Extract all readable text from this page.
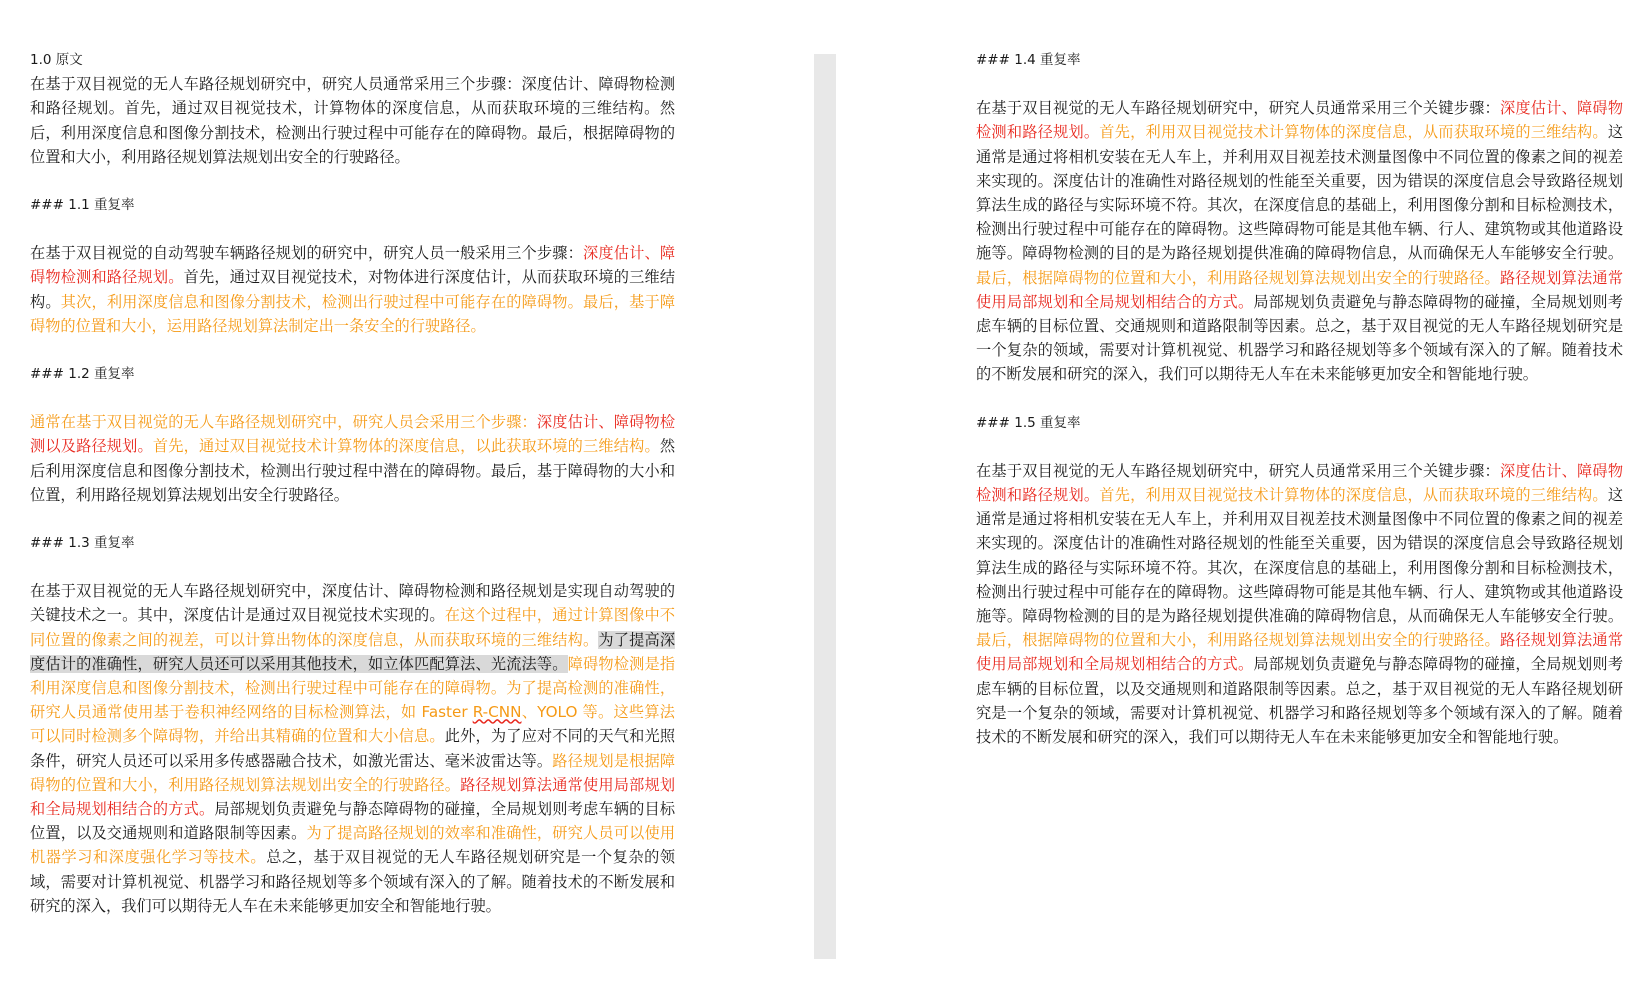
1.0 原文

在基于双目视觉的无人车路径规划研究中，研究人员通常采用三个步骤：深度估计、障碍物检测和路径规划。首先，通过双目视觉技术，计算物体的深度信息，从而获取环境的三维结构。然后，利用深度信息和图像分割技术，检测出行驶过程中可能存在的障碍物。最后，根据障碍物的位置和大小，利用路径规划算法规划出安全的行驶路径。

### 1.1 重复率

在基于双目视觉的自动驾驶车辆路径规划的研究中，研究人员一般采用三个步骤：深度估计、障碍物检测和路径规划。首先，通过双目视觉技术，对物体进行深度估计，从而获取环境的三维结构。其次，利用深度信息和图像分割技术，检测出行驶过程中可能存在的障碍物。最后，基于障碍物的位置和大小，运用路径规划算法制定出一条安全的行驶路径。

### 1.2 重复率

通常在基于双目视觉的无人车路径规划研究中，研究人员会采用三个步骤：深度估计、障碍物检测以及路径规划。首先，通过双目视觉技术计算物体的深度信息，以此获取环境的三维结构。然后利用深度信息和图像分割技术，检测出行驶过程中潜在的障碍物。最后，基于障碍物的大小和位置，利用路径规划算法规划出安全行驶路径。

### 1.3 重复率

在基于双目视觉的无人车路径规划研究中，深度估计、障碍物检测和路径规划是实现自动驾驶的关键技术之一。其中，深度估计是通过双目视觉技术实现的。在这个过程中，通过计算图像中不同位置的像素之间的视差，可以计算出物体的深度信息，从而获取环境的三维结构。为了提高深度估计的准确性，研究人员还可以采用其他技术，如立体匹配算法、光流法等。障碍物检测是指利用深度信息和图像分割技术，检测出行驶过程中可能存在的障碍物。为了提高检测的准确性，研究人员通常使用基于卷积神经网络的目标检测算法，如 Faster R-CNN、YOLO 等。这些算法可以同时检测多个障碍物，并给出其精确的位置和大小信息。此外，为了应对不同的天气和光照条件，研究人员还可以采用多传感器融合技术，如激光雷达、毫米波雷达等。路径规划是根据障碍物的位置和大小，利用路径规划算法规划出安全的行驶路径。路径规划算法通常使用局部规划和全局规划相结合的方式。局部规划负责避免与静态障碍物的碰撞，全局规划则考虑车辆的目标位置，以及交通规则和道路限制等因素。为了提高路径规划的效率和准确性，研究人员可以使用机器学习和深度强化学习等技术。总之，基于双目视觉的无人车路径规划研究是一个复杂的领域，需要对计算机视觉、机器学习和路径规划等多个领域有深入的了解。随着技术的不断发展和研究的深入，我们可以期待无人车在未来能够更加安全和智能地行驶。

### 1.4 重复率

在基于双目视觉的无人车路径规划研究中，研究人员通常采用三个关键步骤：深度估计、障碍物检测和路径规划。首先，利用双目视觉技术计算物体的深度信息，从而获取环境的三维结构。这通常是通过将相机安装在无人车上，并利用双目视差技术测量图像中不同位置的像素之间的视差来实现的。深度估计的准确性对路径规划的性能至关重要，因为错误的深度信息会导致路径规划算法生成的路径与实际环境不符。其次，在深度信息的基础上，利用图像分割和目标检测技术，检测出行驶过程中可能存在的障碍物。这些障碍物可能是其他车辆、行人、建筑物或其他道路设施等。障碍物检测的目的是为路径规划提供准确的障碍物信息，从而确保无人车能够安全行驶。最后，根据障碍物的位置和大小，利用路径规划算法规划出安全的行驶路径。路径规划算法通常使用局部规划和全局规划相结合的方式。局部规划负责避免与静态障碍物的碰撞，全局规划则考虑车辆的目标位置、交通规则和道路限制等因素。总之，基于双目视觉的无人车路径规划研究是一个复杂的领域，需要对计算机视觉、机器学习和路径规划等多个领域有深入的了解。随着技术的不断发展和研究的深入，我们可以期待无人车在未来能够更加安全和智能地行驶。

### 1.5 重复率

在基于双目视觉的无人车路径规划研究中，研究人员通常采用三个关键步骤：深度估计、障碍物检测和路径规划。首先，利用双目视觉技术计算物体的深度信息，从而获取环境的三维结构。这通常是通过将相机安装在无人车上，并利用双目视差技术测量图像中不同位置的像素之间的视差来实现的。深度估计的准确性对路径规划的性能至关重要，因为错误的深度信息会导致路径规划算法生成的路径与实际环境不符。其次，在深度信息的基础上，利用图像分割和目标检测技术，检测出行驶过程中可能存在的障碍物。这些障碍物可能是其他车辆、行人、建筑物或其他道路设施等。障碍物检测的目的是为路径规划提供准确的障碍物信息，从而确保无人车能够安全行驶。最后，根据障碍物的位置和大小，利用路径规划算法规划出安全的行驶路径。路径规划算法通常使用局部规划和全局规划相结合的方式。局部规划负责避免与静态障碍物的碰撞，全局规划则考虑车辆的目标位置，以及交通规则和道路限制等因素。总之，基于双目视觉的无人车路径规划研究是一个复杂的领域，需要对计算机视觉、机器学习和路径规划等多个领域有深入的了解。随着技术的不断发展和研究的深入，我们可以期待无人车在未来能够更加安全和智能地行驶。
